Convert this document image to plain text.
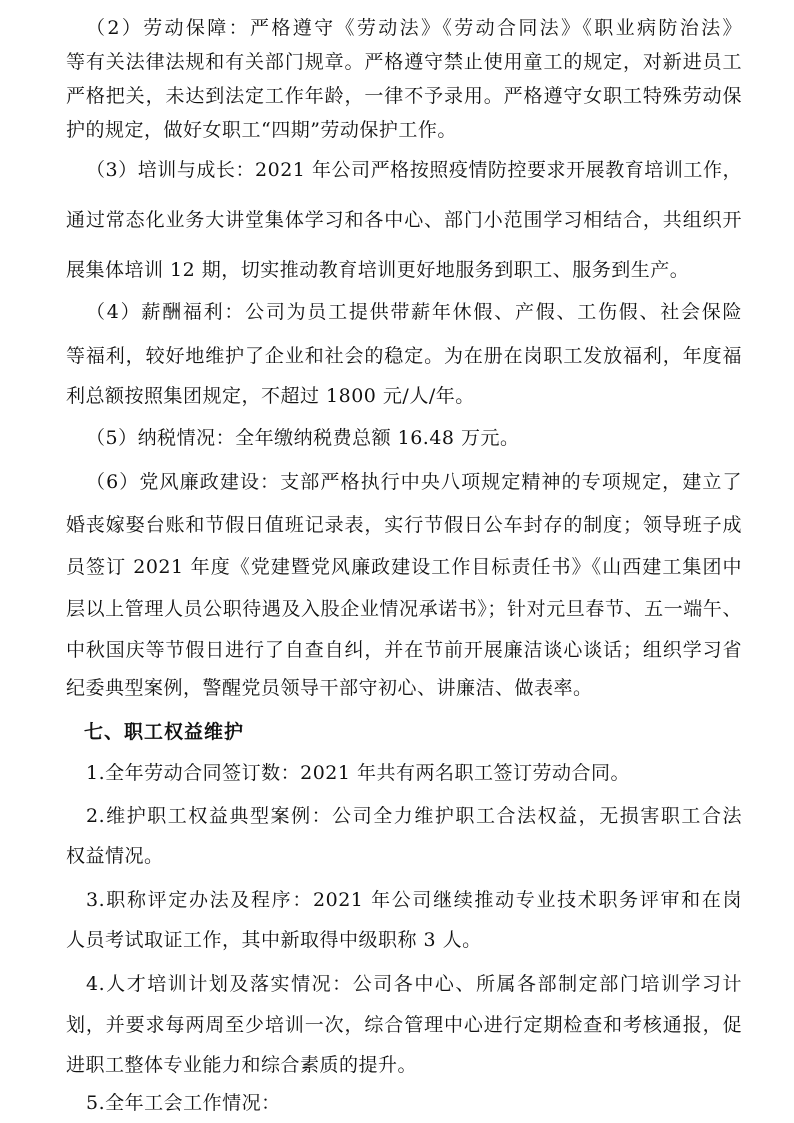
（2）劳动保障：严格遵守《劳动法》《劳动合同法》《职业病防治法》
等有关法律法规和有关部门规章。严格遵守禁止使用童工的规定，对新进员工
严格把关，未达到法定工作年龄，一律不予录用。严格遵守女职工特殊劳动保
护的规定，做好女职工“四期”劳动保护工作。
（3）培训与成长：2021 年公司严格按照疫情防控要求开展教育培训工作，
通过常态化业务大讲堂集体学习和各中心、部门小范围学习相结合，共组织开
展集体培训 12 期，切实推动教育培训更好地服务到职工、服务到生产。
（4）薪酬福利：公司为员工提供带薪年休假、产假、工伤假、社会保险
等福利，较好地维护了企业和社会的稳定。为在册在岗职工发放福利，年度福
利总额按照集团规定，不超过 1800 元/人/年。
（5）纳税情况：全年缴纳税费总额 16.48 万元。
（6）党风廉政建设：支部严格执行中央八项规定精神的专项规定，建立了
婚丧嫁娶台账和节假日值班记录表，实行节假日公车封存的制度；领导班子成
员签订 2021 年度《党建暨党风廉政建设工作目标责任书》《山西建工集团中
层以上管理人员公职待遇及入股企业情况承诺书》；针对元旦春节、五一端午、
中秋国庆等节假日进行了自查自纠，并在节前开展廉洁谈心谈话；组织学习省
纪委典型案例，警醒党员领导干部守初心、讲廉洁、做表率。
七、职工权益维护
1.全年劳动合同签订数：2021 年共有两名职工签订劳动合同。
2.维护职工权益典型案例：公司全力维护职工合法权益，无损害职工合法
权益情况。
3.职称评定办法及程序：2021 年公司继续推动专业技术职务评审和在岗
人员考试取证工作，其中新取得中级职称 3 人。
4.人才培训计划及落实情况：公司各中心、所属各部制定部门培训学习计
划，并要求每两周至少培训一次，综合管理中心进行定期检查和考核通报，促
进职工整体专业能力和综合素质的提升。
5.全年工会工作情况：
